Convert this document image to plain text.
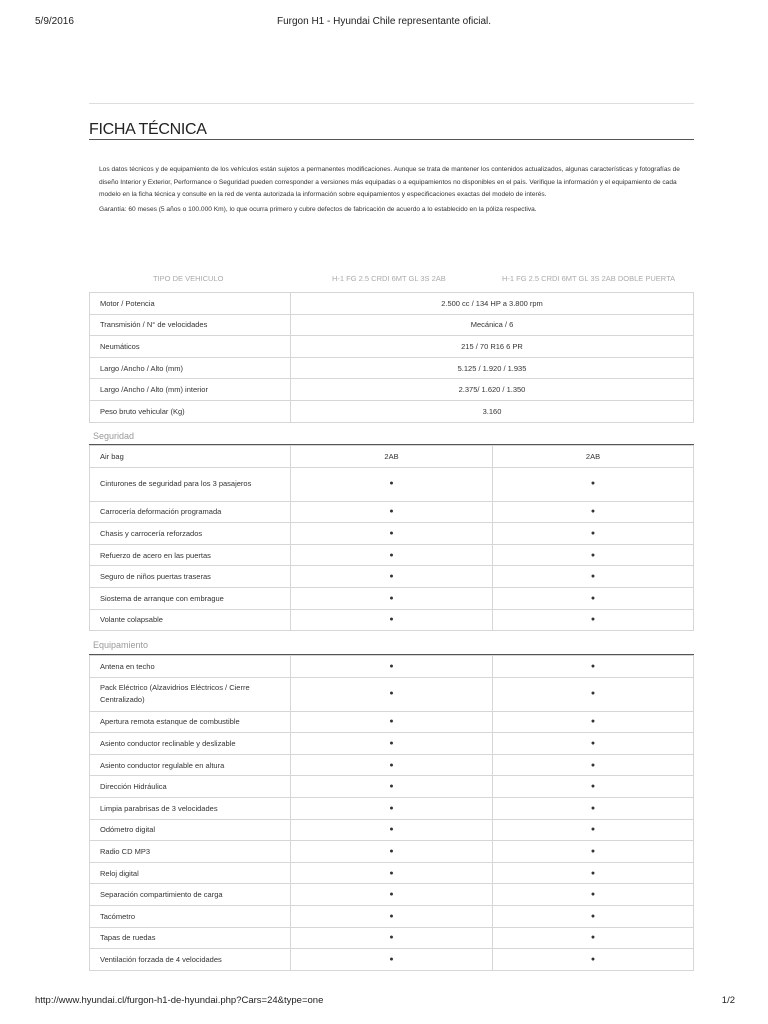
5/9/2016	Furgon H1 - Hyundai Chile representante oficial.
FICHA TÉCNICA

Los datos técnicos y de equipamiento de los vehículos están sujetos a permanentes modificaciones. Aunque se trata de mantener los contenidos actualizados, algunas características y fotografías de diseño Interior y Exterior, Performance o Seguridad pueden corresponder a versiones más equipadas o a equipamientos no disponibles en el país. Verifique la información y el equipamiento de cada modelo en la ficha técnica y consulte en la red de venta autorizada la información sobre equipamientos y especificaciones exactas del modelo de interés.

Garantía: 60 meses (5 años o 100.000 Km), lo que ocurra primero y cubre defectos de fabricación de acuerdo a lo establecido en la póliza respectiva.

TIPO DE VEHICULO	H-1 FG 2.5 CRDI 6MT GL 3S 2AB	H-1 FG 2.5 CRDI 6MT GL 3S 2AB DOBLE PUERTA
Motor / Potencia	2.500 cc / 134 HP a 3.800 rpm
Transmisión / N° de velocidades	Mecánica / 6
Neumáticos	215 / 70 R16 6 PR
Largo /Ancho / Alto (mm)	5.125 / 1.920 / 1.935
Largo /Ancho / Alto (mm) interior	2.375/ 1.620 / 1.350
Peso bruto vehicular (Kg)	3.160
Seguridad
Air bag	2AB	2AB
Cinturones de seguridad para los 3 pasajeros	●	●
Carrocería deformación programada	●	●
Chasis y carrocería reforzados	●	●
Refuerzo de acero en las puertas	●	●
Seguro de niños puertas traseras	●	●
Siostema de arranque con embrague	●	●
Volante colapsable	●	●
Equipamiento
Antena en techo	●	●
Pack Eléctrico (Alzavidrios Eléctricos / Cierre Centralizado)	●	●
Apertura remota estanque de combustible	●	●
Asiento conductor reclinable y deslizable	●	●
Asiento conductor regulable en altura	●	●
Dirección Hidráulica	●	●
Limpia parabrisas de 3 velocidades	●	●
Odómetro digital	●	●
Radio CD MP3	●	●
Reloj digital	●	●
Separación compartimiento de carga	●	●
Tacómetro	●	●
Tapas de ruedas	●	●
Ventilación forzada de 4 velocidades	●	●
http://www.hyundai.cl/furgon-h1-de-hyundai.php?Cars=24&type=one	1/2
